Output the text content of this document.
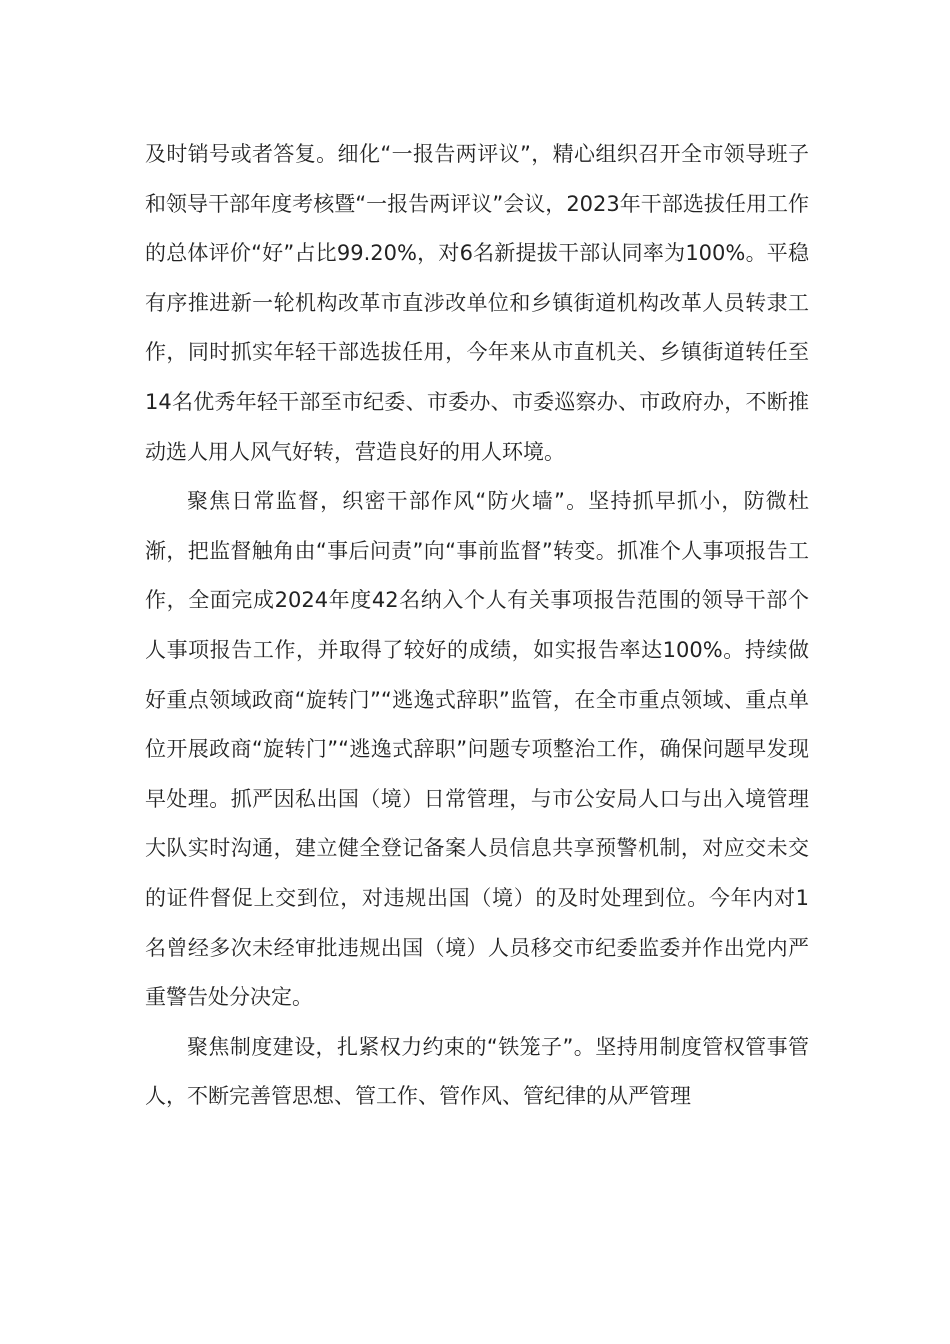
及时销号或者答复。细化“一报告两评议”，精心组织召开全市领导班子和领导干部年度考核暨“一报告两评议”会议，2023年干部选拔任用工作的总体评价“好”占比99.20%，对6名新提拔干部认同率为100%。平稳有序推进新一轮机构改革市直涉改单位和乡镇街道机构改革人员转隶工作，同时抓实年轻干部选拔任用，今年来从市直机关、乡镇街道转任至14名优秀年轻干部至市纪委、市委办、市委巡察办、市政府办，不断推动选人用人风气好转，营造良好的用人环境。

聚焦日常监督，织密干部作风“防火墙”。坚持抓早抓小，防微杜渐，把监督触角由“事后问责”向“事前监督”转变。抓准个人事项报告工作，全面完成2024年度42名纳入个人有关事项报告范围的领导干部个人事项报告工作，并取得了较好的成绩，如实报告率达100%。持续做好重点领域政商“旋转门”“逃逸式辞职”监管，在全市重点领域、重点单位开展政商“旋转门”“逃逸式辞职”问题专项整治工作，确保问题早发现早处理。抓严因私出国（境）日常管理，与市公安局人口与出入境管理大队实时沟通，建立健全登记备案人员信息共享预警机制，对应交未交的证件督促上交到位，对违规出国（境）的及时处理到位。今年内对1名曾经多次未经审批违规出国（境）人员移交市纪委监委并作出党内严重警告处分决定。

聚焦制度建设，扎紧权力约束的“铁笼子”。坚持用制度管权管事管人，不断完善管思想、管工作、管作风、管纪律的从严管理
